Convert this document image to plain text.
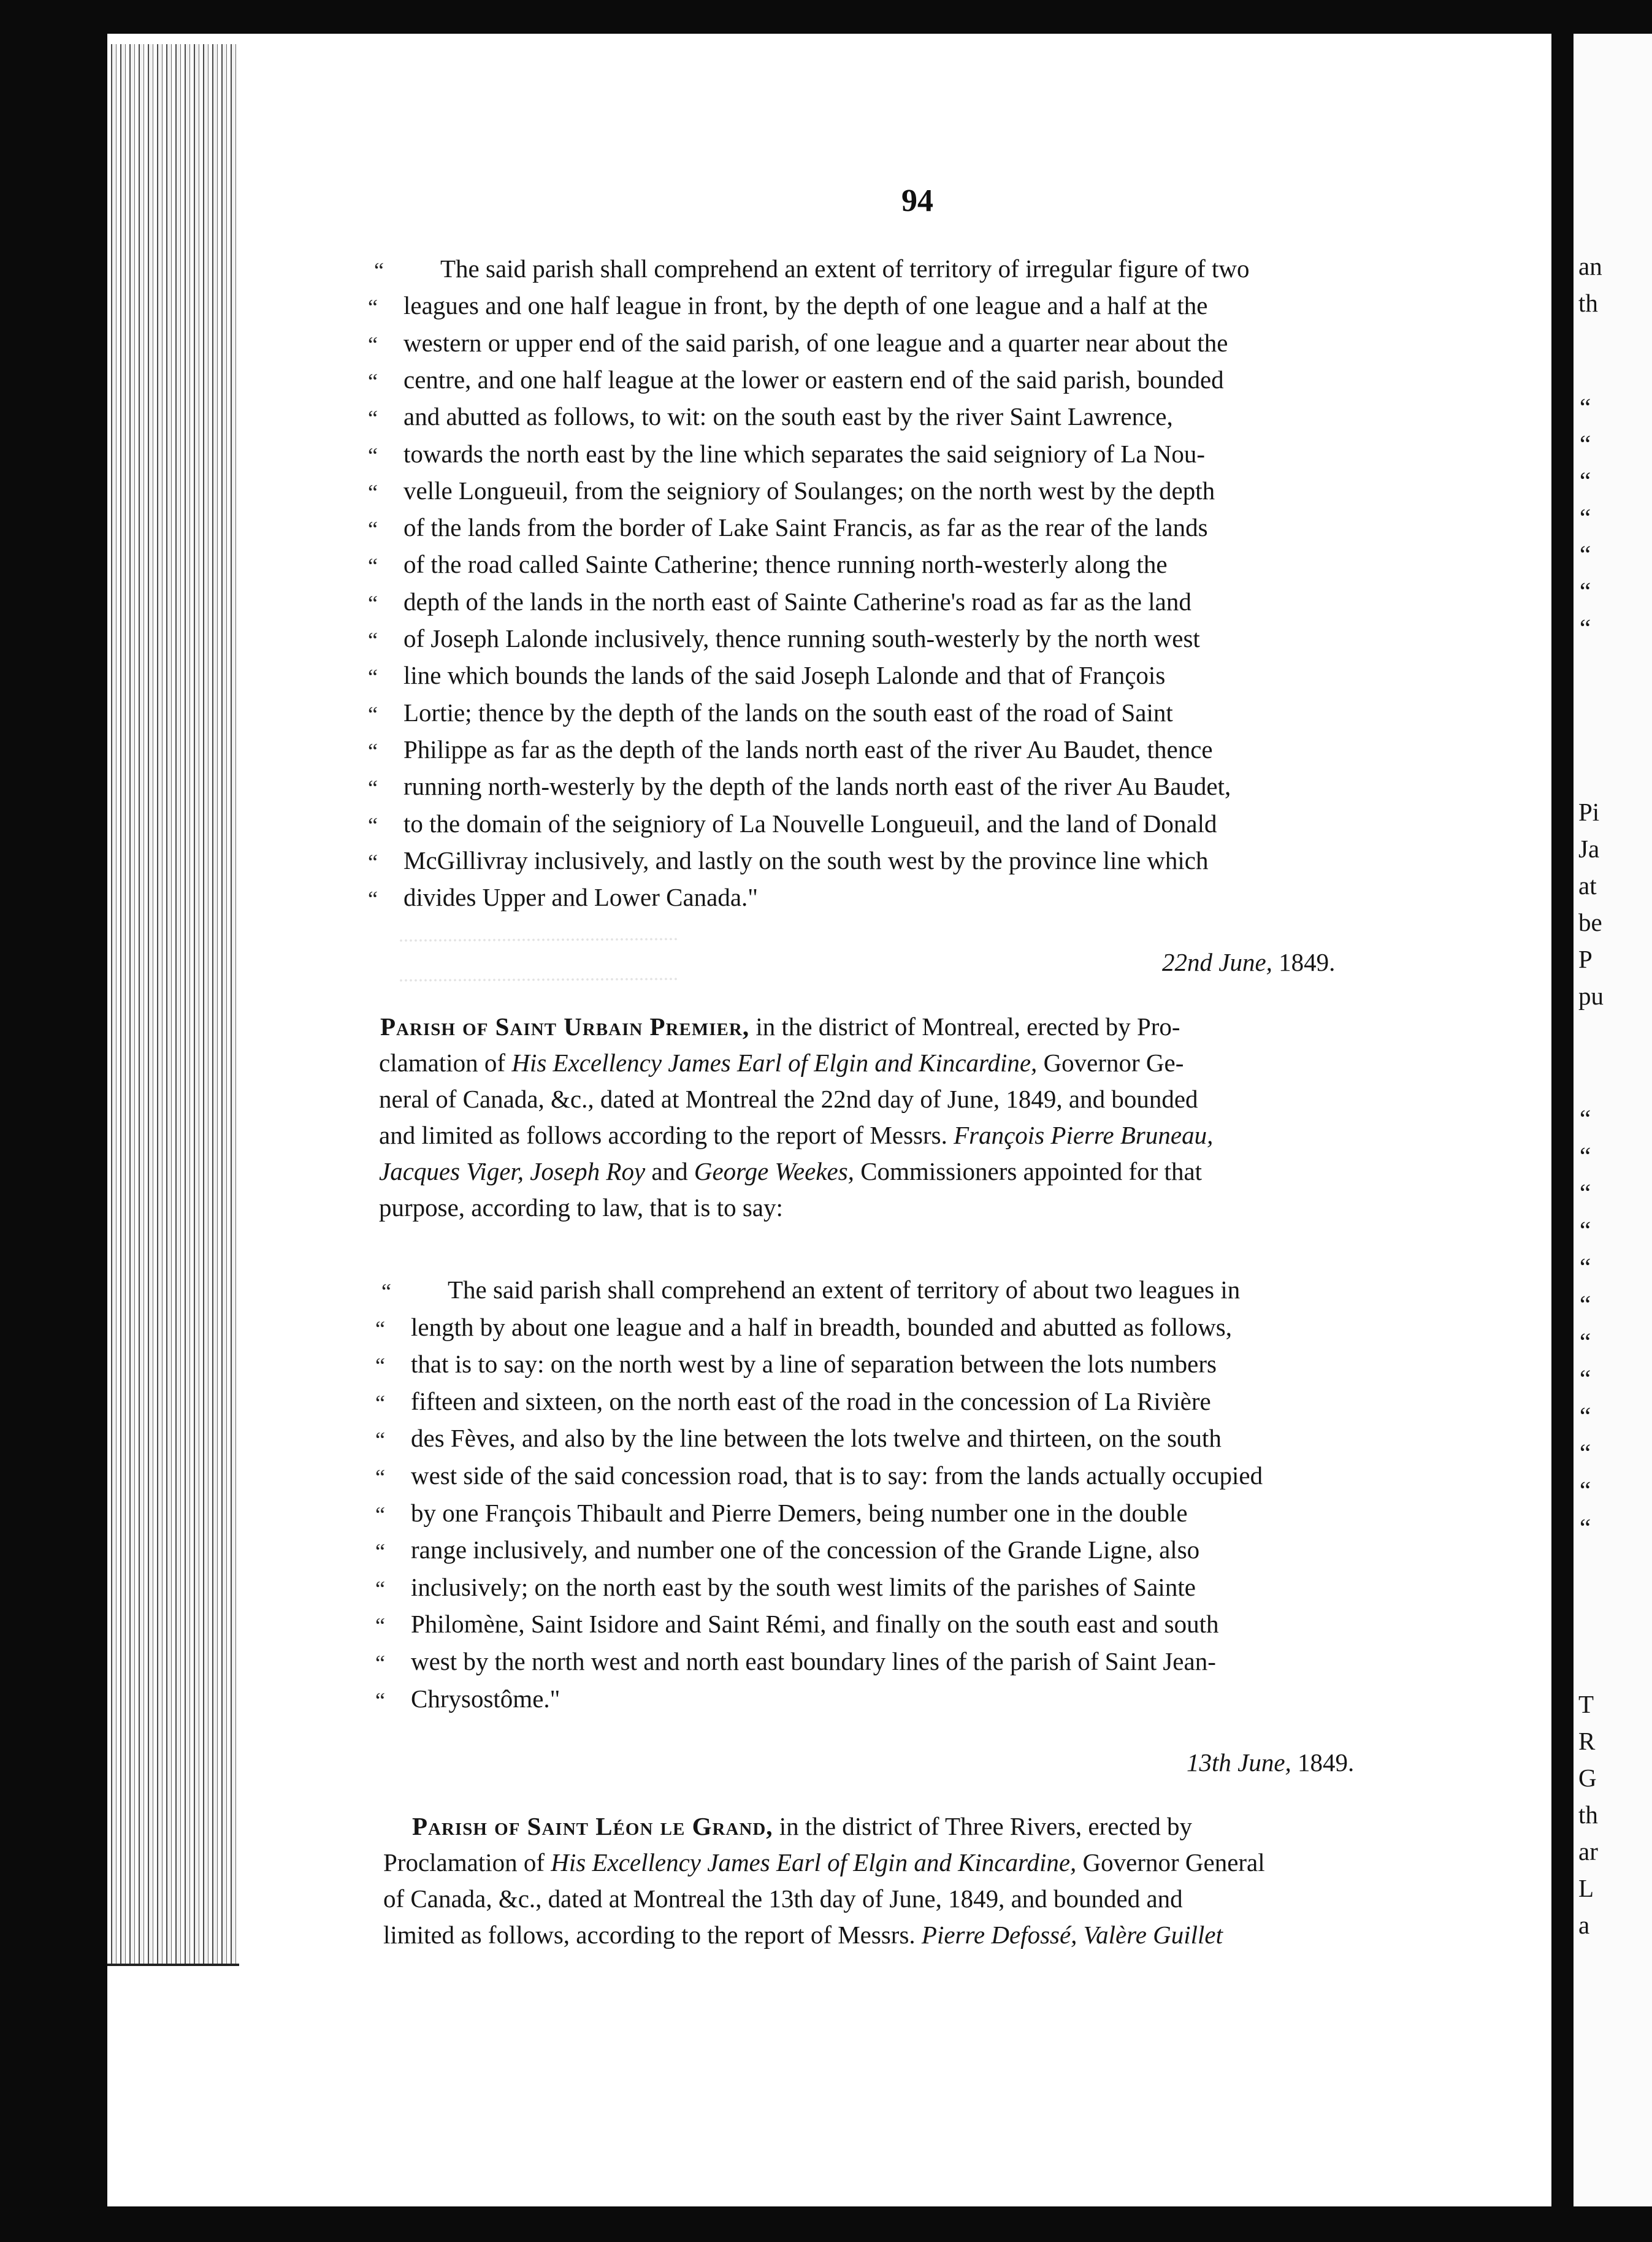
94
.........................................................
.........................................................
“ The said parish shall comprehend an extent of territory of irregular figure of two
“ leagues and one half league in front, by the depth of one league and a half at the
“ western or upper end of the said parish, of one league and a quarter near about the
“ centre, and one half league at the lower or eastern end of the said parish, bounded
“ and abutted as follows, to wit: on the south east by the river Saint Lawrence,
“ towards the north east by the line which separates the said seigniory of La Nou-
“ velle Longueuil, from the seigniory of Soulanges; on the north west by the depth
“ of the lands from the border of Lake Saint Francis, as far as the rear of the lands
“ of the road called Sainte Catherine; thence running north-westerly along the
“ depth of the lands in the north east of Sainte Catherine's road as far as the land
“ of Joseph Lalonde inclusively, thence running south-westerly by the north west
“ line which bounds the lands of the said Joseph Lalonde and that of François
“ Lortie; thence by the depth of the lands on the south east of the road of Saint
“ Philippe as far as the depth of the lands north east of the river Au Baudet, thence
“ running north-westerly by the depth of the lands north east of the river Au Baudet,
“ to the domain of the seigniory of La Nouvelle Longueuil, and the land of Donald
“ McGillivray inclusively, and lastly on the south west by the province line which
“ divides Upper and Lower Canada."
22nd June, 1849.
Parish of Saint Urbain Premier, in the district of Montreal, erected by Pro-
clamation of His Excellency James Earl of Elgin and Kincardine, Governor Ge-
neral of Canada, &c., dated at Montreal the 22nd day of June, 1849, and bounded
and limited as follows according to the report of Messrs. François Pierre Bruneau,
Jacques Viger, Joseph Roy and George Weekes, Commissioners appointed for that
purpose, according to law, that is to say:
“ The said parish shall comprehend an extent of territory of about two leagues in
“ length by about one league and a half in breadth, bounded and abutted as follows,
“ that is to say: on the north west by a line of separation between the lots numbers
“ fifteen and sixteen, on the north east of the road in the concession of La Rivière
“ des Fèves, and also by the line between the lots twelve and thirteen, on the south
“ west side of the said concession road, that is to say: from the lands actually occupied
“ by one François Thibault and Pierre Demers, being number one in the double
“ range inclusively, and number one of the concession of the Grande Ligne, also
“ inclusively; on the north east by the south west limits of the parishes of Sainte
“ Philomène, Saint Isidore and Saint Rémi, and finally on the south east and south
“ west by the north west and north east boundary lines of the parish of Saint Jean-
“ Chrysostôme."
13th June, 1849.
Parish of Saint Léon le Grand, in the district of Three Rivers, erected by
Proclamation of His Excellency James Earl of Elgin and Kincardine, Governor General
of Canada, &c., dated at Montreal the 13th day of June, 1849, and bounded and
limited as follows, according to the report of Messrs. Pierre Defossé, Valère Guillet
an
th
Pi
Ja
at
be
P
pu
T
R
G
th
ar
L
a
“
“
“
“
“
“
“
“
“
“
“
“
“
“
“
“
“
“
“
